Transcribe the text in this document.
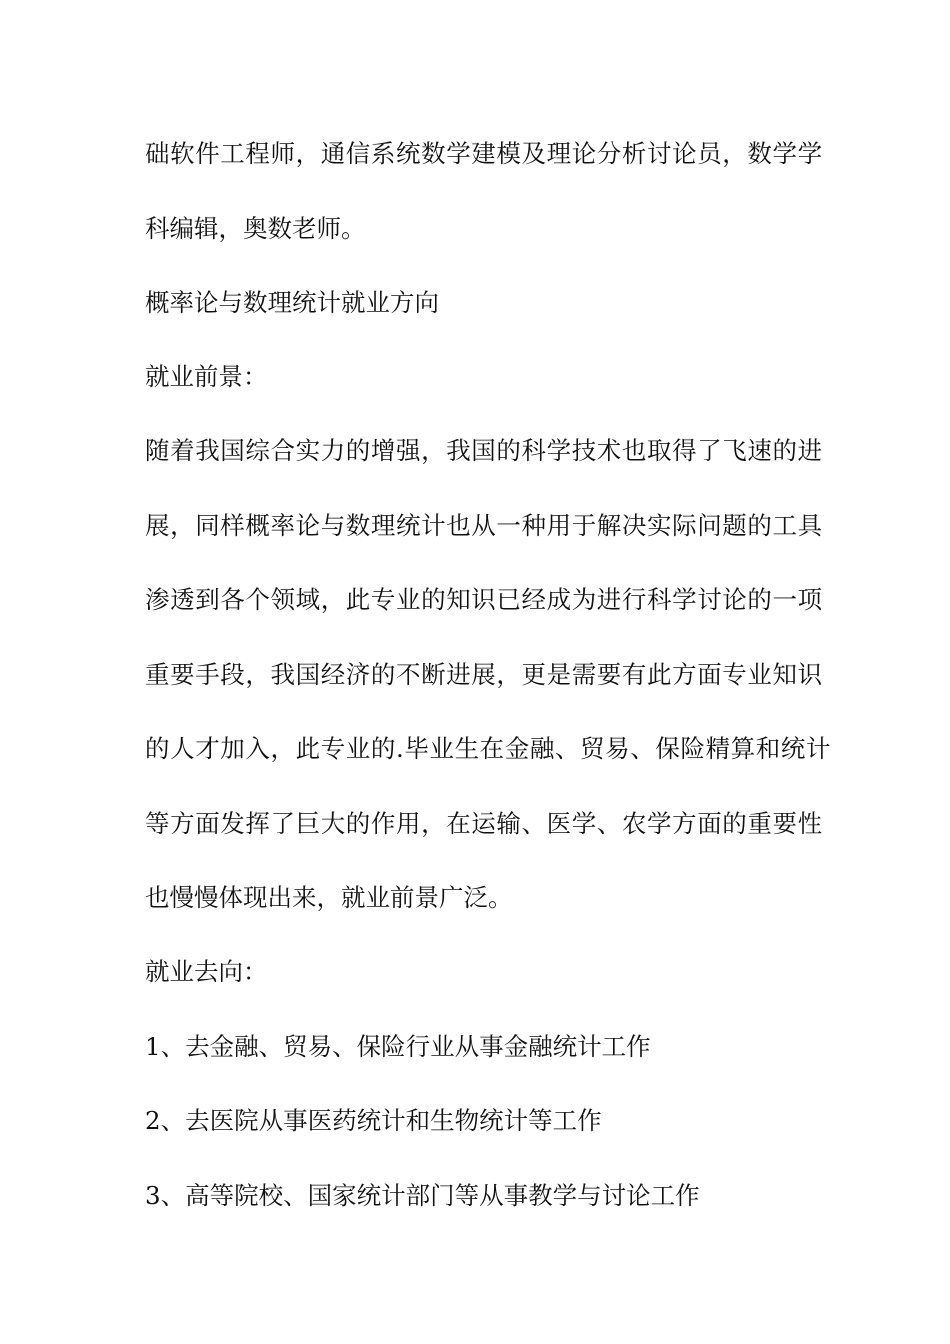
础软件工程师，通信系统数学建模及理论分析讨论员，数学学

科编辑，奥数老师。

概率论与数理统计就业方向

就业前景：

随着我国综合实力的增强，我国的科学技术也取得了飞速的进

展，同样概率论与数理统计也从一种用于解决实际问题的工具

渗透到各个领域，此专业的知识已经成为进行科学讨论的一项

重要手段，我国经济的不断进展，更是需要有此方面专业知识

的人才加入，此专业的.毕业生在金融、贸易、保险精算和统计

等方面发挥了巨大的作用，在运输、医学、农学方面的重要性

也慢慢体现出来，就业前景广泛。

就业去向：

1、去金融、贸易、保险行业从事金融统计工作

2、去医院从事医药统计和生物统计等工作

3、高等院校、国家统计部门等从事教学与讨论工作
